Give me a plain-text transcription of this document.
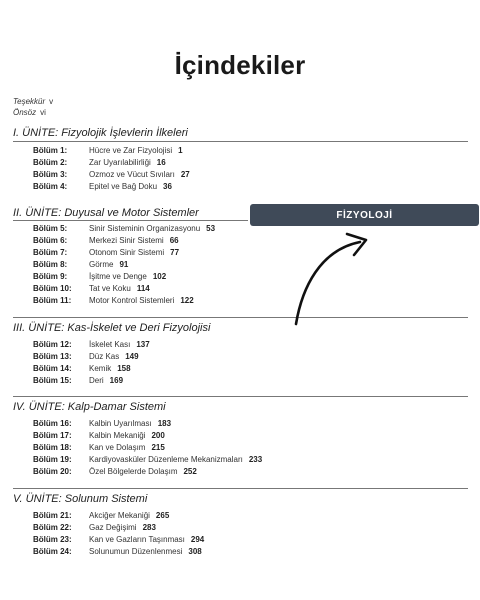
İçindekiler
Teşekkür v
Önsöz vi
I. ÜNİTE: Fizyolojik İşlevlerin İlkeleri
Bölüm 1:	Hücre ve Zar Fizyolojisi 1
Bölüm 2:	Zar Uyarılabilirliği 16
Bölüm 3:	Ozmoz ve Vücut Sıvıları 27
Bölüm 4:	Epitel ve Bağ Doku 36
II. ÜNİTE: Duyusal ve Motor Sistemler
Bölüm 5:	Sinir Sisteminin Organizasyonu 53
Bölüm 6:	Merkezi Sinir Sistemi 66
Bölüm 7:	Otonom Sinir Sistemi 77
Bölüm 8:	Görme 91
Bölüm 9:	İşitme ve Denge 102
Bölüm 10: Tat ve Koku 114
Bölüm 11: Motor Kontrol Sistemleri 122
III. ÜNİTE: Kas-İskelet ve Deri Fizyolojisi
Bölüm 12: İskelet Kası 137
Bölüm 13: Düz Kas 149
Bölüm 14: Kemik 158
Bölüm 15: Deri 169
IV. ÜNİTE: Kalp-Damar Sistemi
Bölüm 16: Kalbin Uyarılması 183
Bölüm 17: Kalbin Mekaniği 200
Bölüm 18: Kan ve Dolaşım 215
Bölüm 19: Kardiyovasküler Düzenleme Mekanizmaları 233
Bölüm 20: Özel Bölgelerde Dolaşım 252
V. ÜNİTE: Solunum Sistemi
Bölüm 21: Akciğer Mekaniği 265
Bölüm 22: Gaz Değişimi 283
Bölüm 23: Kan ve Gazların Taşınması 294
Bölüm 24: Solunumun Düzenlenmesi 308
FİZYOLOJİ
